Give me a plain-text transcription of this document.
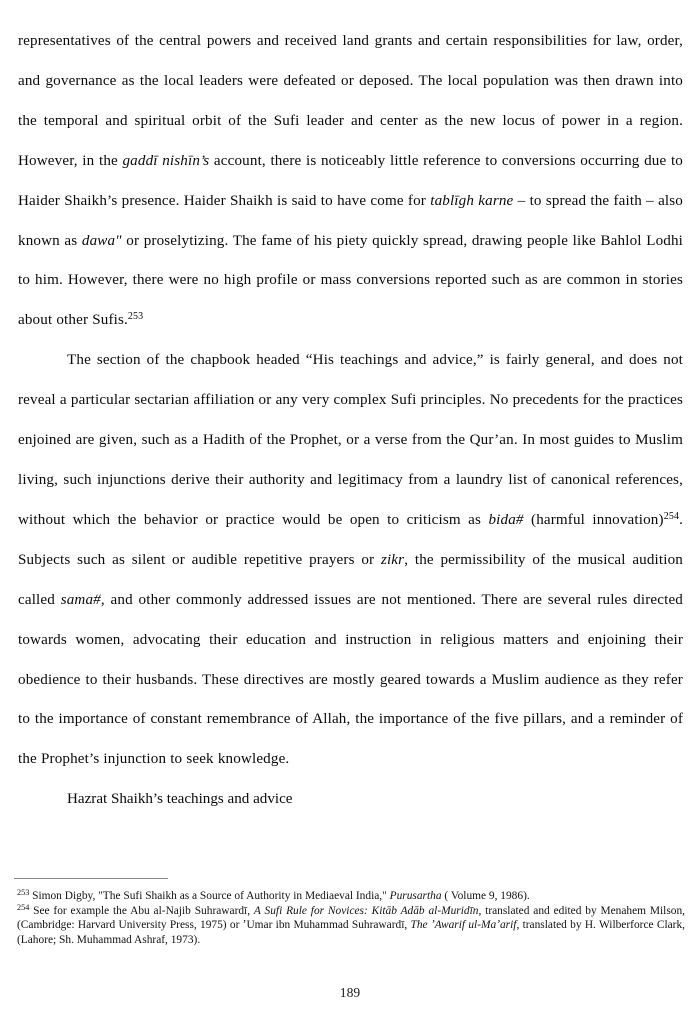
representatives of the central powers and received land grants and certain responsibilities for law, order, and governance as the local leaders were defeated or deposed. The local population was then drawn into the temporal and spiritual orbit of the Sufi leader and center as the new locus of power in a region. However, in the gaddī nishīn’s account, there is noticeably little reference to conversions occurring due to Haider Shaikh’s presence. Haider Shaikh is said to have come for tablīgh karne – to spread the faith – also known as dawa" or proselytizing. The fame of his piety quickly spread, drawing people like Bahlol Lodhi to him. However, there were no high profile or mass conversions reported such as are common in stories about other Sufis.$^{253}$

The section of the chapbook headed “His teachings and advice,” is fairly general, and does not reveal a particular sectarian affiliation or any very complex Sufi principles. No precedents for the practices enjoined are given, such as a Hadith of the Prophet, or a verse from the Qur’an. In most guides to Muslim living, such injunctions derive their authority and legitimacy from a laundry list of canonical references, without which the behavior or practice would be open to criticism as bida# (harmful innovation)$^{254}$. Subjects such as silent or audible repetitive prayers or zikr, the permissibility of the musical audition called sama#, and other commonly addressed issues are not mentioned. There are several rules directed towards women, advocating their education and instruction in religious matters and enjoining their obedience to their husbands. These directives are mostly geared towards a Muslim audience as they refer to the importance of constant remembrance of Allah, the importance of the five pillars, and a reminder of the Prophet’s injunction to seek knowledge.

Hazrat Shaikh’s teachings and advice

$^{253}$ Simon Digby, "The Sufi Shaikh as a Source of Authority in Mediaeval India," Purusartha ( Volume 9, 1986).

$^{254}$ See for example the Abu al-Najib Suhrawardī, A Sufi Rule for Novices: Kitāb Adāb al-Muridīn, translated and edited by Menahem Milson, (Cambridge: Harvard University Press, 1975) or ʼUmar ibn Muhammad Suhrawardī, The ʼAwarif ul-Maʼarif, translated by H. Wilberforce Clark, (Lahore; Sh. Muhammad Ashraf, 1973).

189
